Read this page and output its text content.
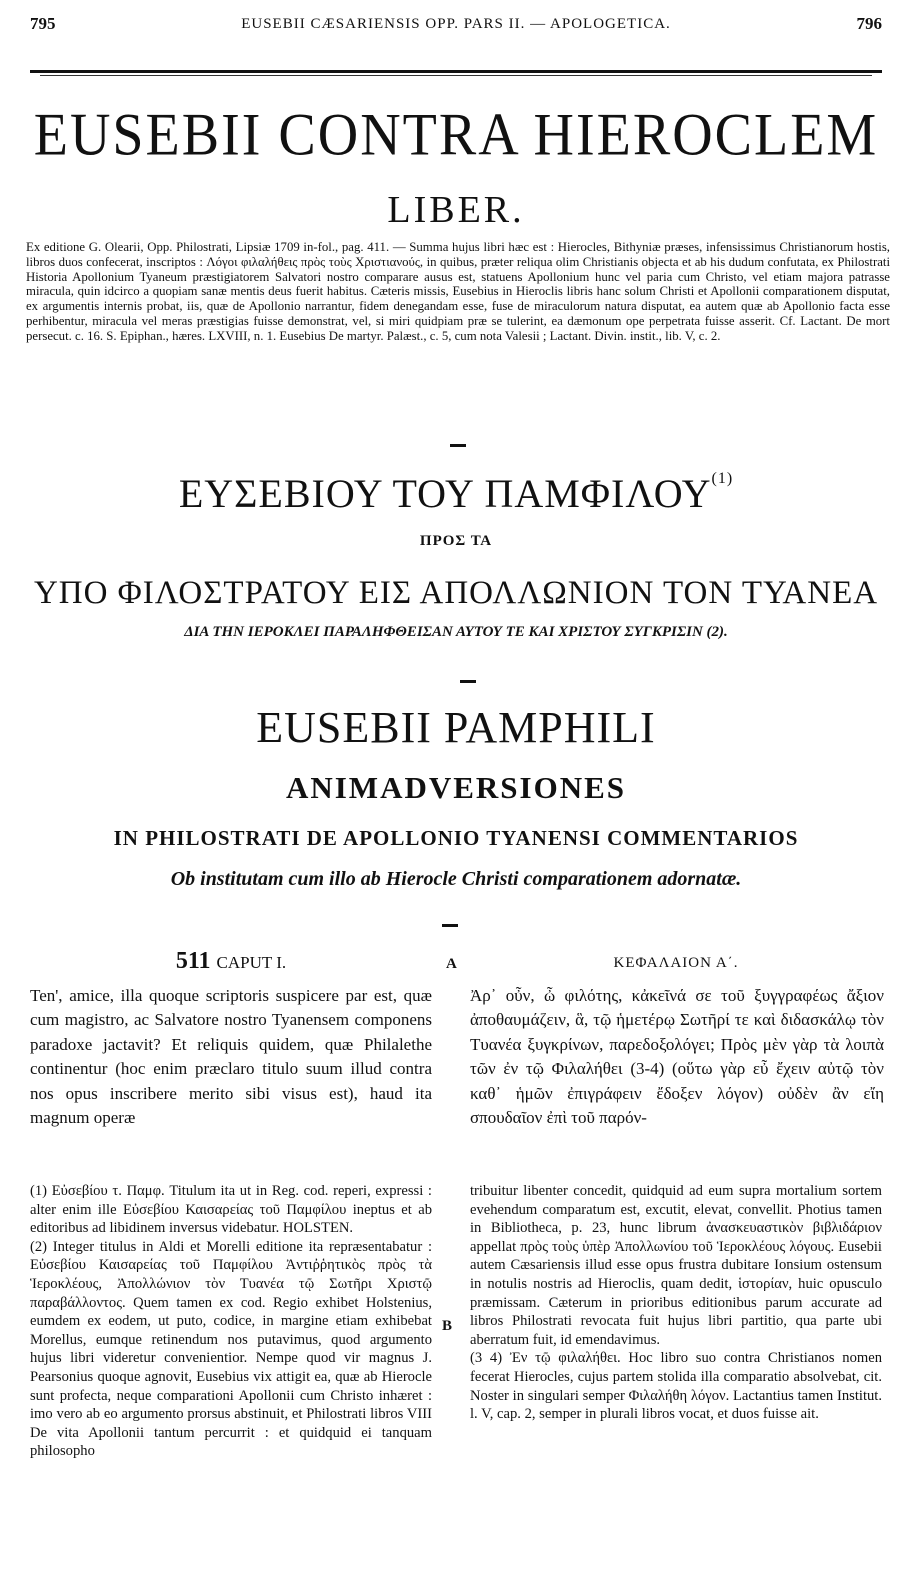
795	EUSEBII CÆSARIENSIS OPP. PARS II. — APOLOGETICA.	796
EUSEBII CONTRA HIEROCLEM
LIBER.
Ex editione G. Olearii, Opp. Philostrati, Lipsiæ 1709 in-fol., pag. 411. — Summa hujus libri hæc est : Hierocles, Bithyniæ præses, infensissimus Christianorum hostis, libros duos confecerat, inscriptos : Λόγοι φιλαλήθεις πρὸς τοὺς Χριστιανούς, in quibus, præter reliqua olim Christianis objecta et ab his dudum confutata, ex Philostrati Historia Apollonium Tyaneum præstigiatorem Salvatori nostro comparare ausus est, statuens Apollonium hunc vel paria cum Christo, vel etiam majora patrasse miracula, quin idcirco a quopiam sanæ mentis deus fuerit habitus. Cæteris missis, Eusebius in Hieroclis libris hanc solum Christi et Apollonii comparationem disputat, ex argumentis internis probat, iis, quæ de Apollonio narrantur, fidem denegandam esse, fuse de miraculorum natura disputat, ea autem quæ ab Apollonio facta esse perhibentur, miracula vel meras præstigias fuisse demonstrat, vel, si miri quidpiam præ se tulerint, ea dæmonum ope perpetrata fuisse asserit. Cf. Lactant. De mort persecut. c. 16. S. Epiphan., hæres. LXVIII, n. 1. Eusebius De martyr. Palæst., c. 5, cum nota Valesii ; Lactant. Divin. instit., lib. V, c. 2.
ΕΥΣΕΒΙΟΥ ΤΟΥ ΠΑΜΦΙΛΟΥ$^{(1)}$
ΠΡΟΣ ΤΑ
ΥΠΟ ΦΙΛΟΣΤΡΑΤΟΥ ΕΙΣ ΑΠΟΛΛΩΝΙΟΝ ΤΟΝ ΤΥΑΝΕΑ
ΔΙΑ ΤΗΝ ΙΕΡΟΚΛΕΙ ΠΑΡΑΛΗΦΘΕΙΣΑΝ ΑΥΤΟΥ ΤΕ ΚΑΙ ΧΡΙΣΤΟΥ ΣΥΓΚΡΙΣΙΝ (2).
EUSEBII PAMPHILI
ANIMADVERSIONES
IN PHILOSTRATI DE APOLLONIO TYANENSI COMMENTARIOS
Ob institutam cum illo ab Hierocle Christi comparationem adornatæ.
511 CAPUT I.	A	ΚΕΦΑΛΑΙΟΝ Α΄.
Ten', amice, illa quoque scriptoris suspicere par est, quæ cum magistro, ac Salvatore nostro Tyanensem componens paradoxe jactavit? Et reliquis quidem, quæ Philalethe continentur (hoc enim præclaro titulo suum illud contra nos opus inscribere merito sibi visus est), haud ita magnum operæ
Ἀρ᾿ οὖν, ὦ φιλότης, κἀκεῖνά σε τοῦ ξυγγραφέως ἄξιον ἀποθαυμάζειν, ἃ, τῷ ἡμετέρῳ Σωτῆρί τε καὶ διδασκάλῳ τὸν Τυανέα ξυγκρίνων, παρεδοξολόγει; Πρὸς μὲν γὰρ τὰ λοιπὰ τῶν ἐν τῷ Φιλαλήθει (3-4) (οὕτω γὰρ εὖ ἔχειν αὐτῷ τὸν καθ᾿ ἡμῶν ἐπιγράφειν ἔδοξεν λόγον) οὐδὲν ἂν εἴη σπουδαῖον ἐπὶ τοῦ παρόν-
(1) Εὐσεβίου τ. Παμφ. Titulum ita ut in Reg. cod. reperi, expressi : alter enim ille Εὐσεβίου Καισαρείας τοῦ Παμφίλου ineptus et ab editoribus ad libidinem inversus videbatur. HOLSTEN.
(2) Integer titulus in Aldi et Morelli editione ita repræsentabatur : Εὐσεβίου Καισαρείας τοῦ Παμφίλου Ἀντιῤῥητικὸς πρὸς τὰ Ἱεροκλέους, Ἀπολλώνιον τὸν Τυανέα τῷ Σωτῆρι Χριστῷ παραβάλλοντος. Quem tamen ex cod. Regio exhibet Holstenius, eumdem ex eodem, ut puto, codice, in margine etiam exhibebat Morellus, eumque retinendum nos putavimus, quod argumento hujus libri videretur convenientior. Nempe quod vir magnus J. Pearsonius quoque agnovit, Eusebius vix attigit ea, quæ ab Hierocle sunt profecta, neque comparationi Apollonii cum Christo inhæret : imo vero ab eo argumento prorsus abstinuit, et Philostrati libros VIII De vita Apollonii tantum percurrit : et quidquid ei tanquam philosopho
B
tribuitur libenter concedit, quidquid ad eum supra mortalium sortem evehendum comparatum est, excutit, elevat, convellit. Photius tamen in Bibliotheca, p. 23, hunc librum ἀνασκευαστικὸν βιβλιδάριον appellat πρὸς τοὺς ὑπὲρ Ἀπολλωνίου τοῦ Ἱεροκλέους λόγους. Eusebii autem Cæsariensis illud esse opus frustra dubitare Ionsium ostensum in notulis nostris ad Hieroclis, quam dedit, ἱστορίαν, huic opusculo præmissam. Cæterum in prioribus editionibus parum accurate ad libros Philostrati revocata fuit hujus libri partitio, qua parte ubi aberratum fuit, id emendavimus.
(3 4) Ἐν τῷ φιλαλήθει. Hoc libro suo contra Christianos nomen fecerat Hierocles, cujus partem stolida illa comparatio absolvebat, cit. Noster in singulari semper Φιλαλήθη λόγον. Lactantius tamen Institut. l. V, cap. 2, semper in plurali libros vocat, et duos fuisse ait.
